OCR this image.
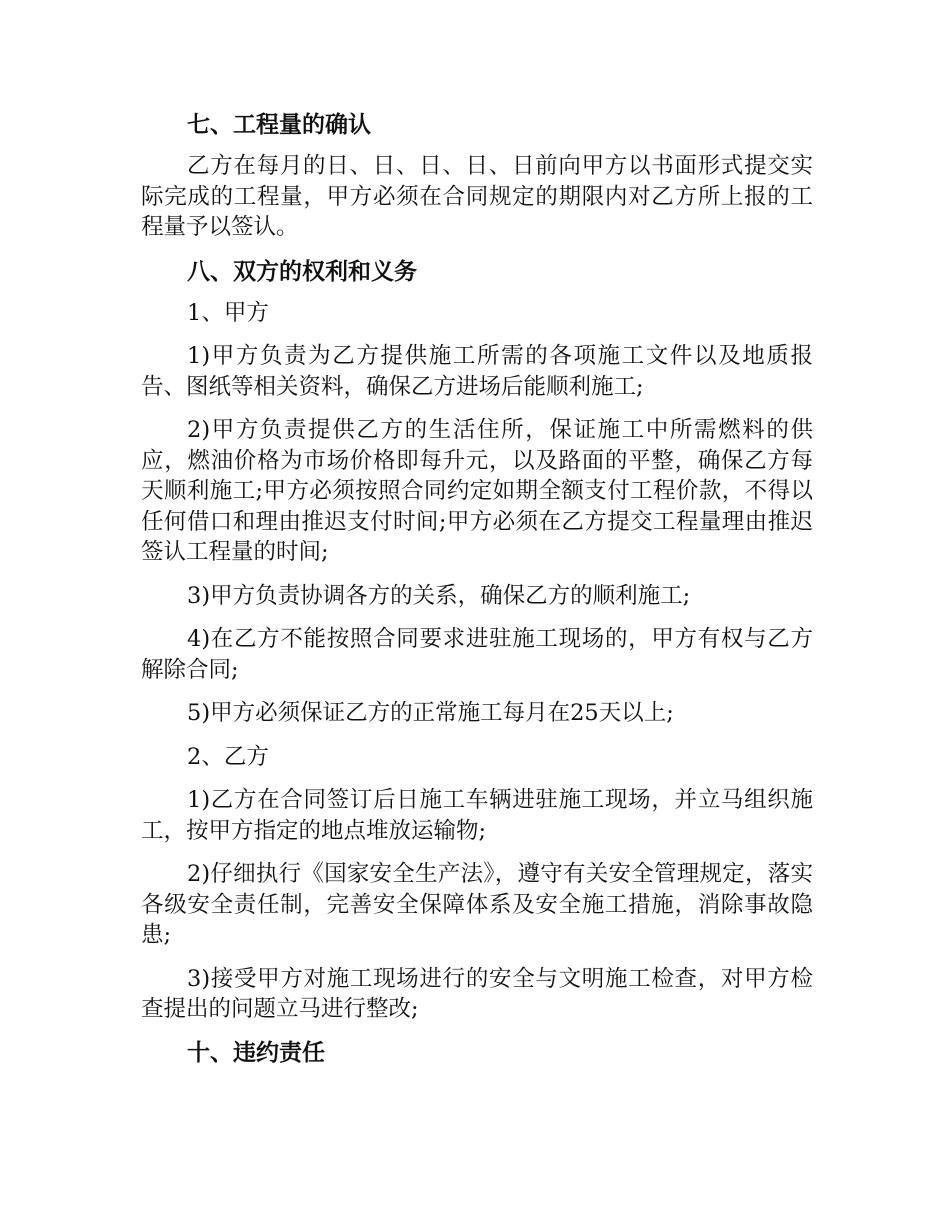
七、工程量的确认

乙方在每月的日、日、日、日、日前向甲方以书面形式提交实际完成的工程量，甲方必须在合同规定的期限内对乙方所上报的工程量予以签认。

八、双方的权利和义务

1、甲方

1)甲方负责为乙方提供施工所需的各项施工文件以及地质报告、图纸等相关资料，确保乙方进场后能顺利施工;

2)甲方负责提供乙方的生活住所，保证施工中所需燃料的供应，燃油价格为市场价格即每升元，以及路面的平整，确保乙方每天顺利施工;甲方必须按照合同约定如期全额支付工程价款，不得以任何借口和理由推迟支付时间;甲方必须在乙方提交工程量理由推迟签认工程量的时间;

3)甲方负责协调各方的关系，确保乙方的顺利施工;

4)在乙方不能按照合同要求进驻施工现场的，甲方有权与乙方解除合同;

5)甲方必须保证乙方的正常施工每月在25天以上;

2、乙方

1)乙方在合同签订后日施工车辆进驻施工现场，并立马组织施工，按甲方指定的地点堆放运输物;

2)仔细执行《国家安全生产法》，遵守有关安全管理规定，落实各级安全责任制，完善安全保障体系及安全施工措施，消除事故隐患;

3)接受甲方对施工现场进行的安全与文明施工检查，对甲方检查提出的问题立马进行整改;

十、违约责任
